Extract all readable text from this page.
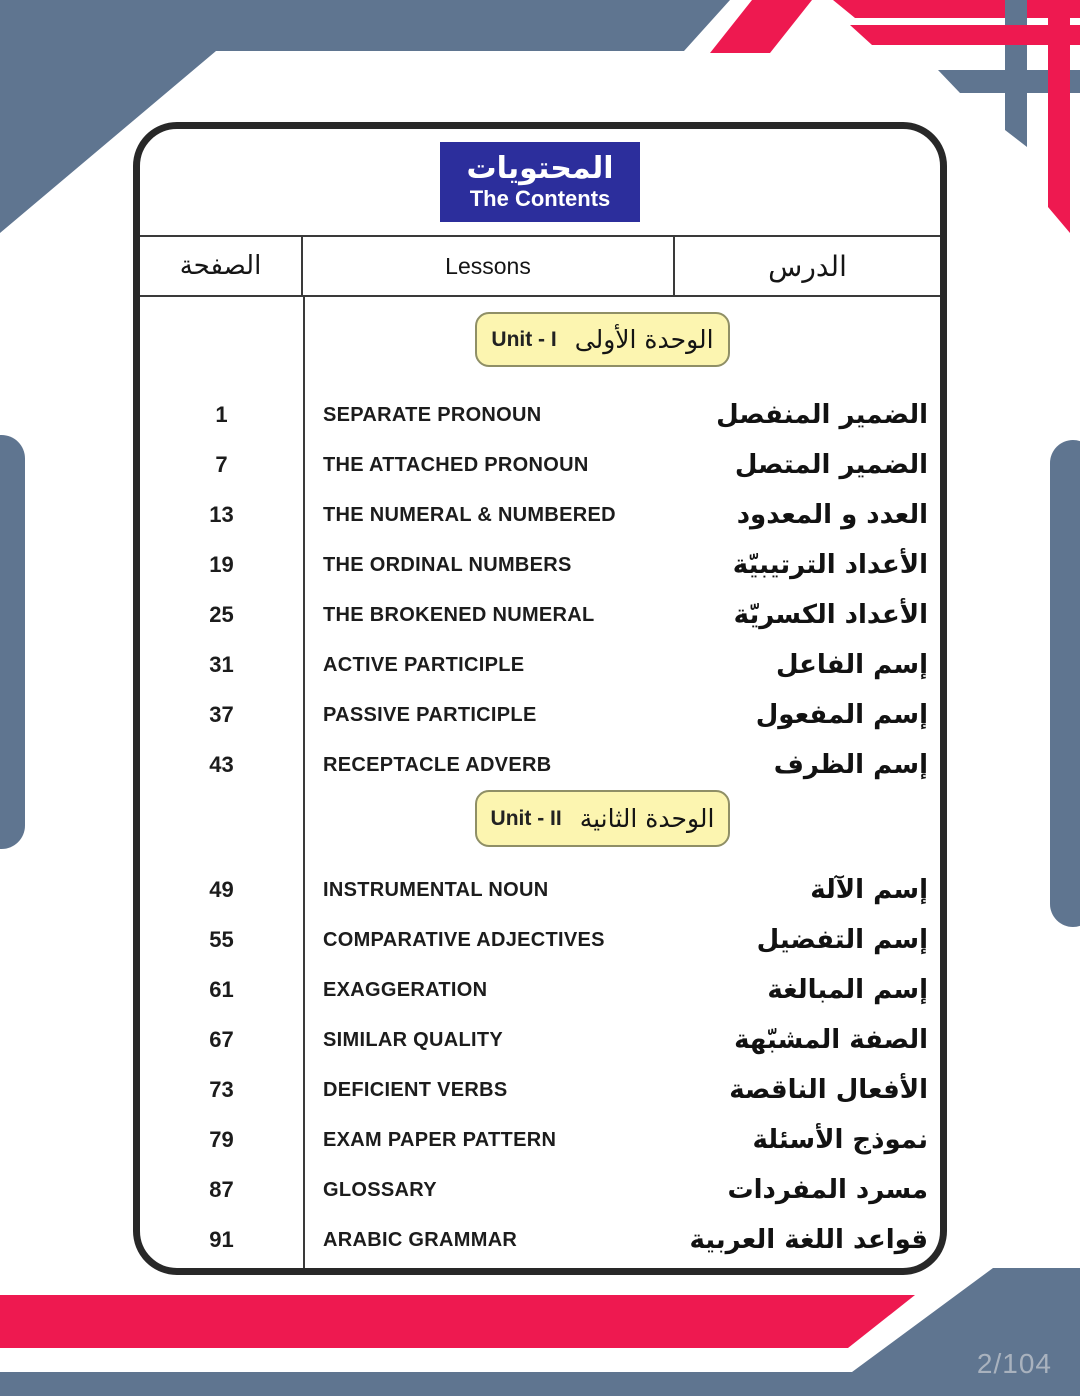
2/104
المحتويات
The Contents
الصفحة	Lessons	الدرس
Unit - I الوحدة الأولى
1	SEPARATE PRONOUN	الضمير المنفصل
7	THE ATTACHED PRONOUN	الضمير المتصل
13	THE NUMERAL & NUMBERED	العدد و المعدود
19	THE ORDINAL NUMBERS	الأعداد الترتيبيّة
25	THE BROKENED NUMERAL	الأعداد الكسريّة
31	ACTIVE PARTICIPLE	إسم الفاعل
37	PASSIVE PARTICIPLE	إسم المفعول
43	RECEPTACLE ADVERB	إسم الظرف
Unit - II الوحدة الثانية
49	INSTRUMENTAL NOUN	إسم الآلة
55	COMPARATIVE ADJECTIVES	إسم التفضيل
61	EXAGGERATION	إسم المبالغة
67	SIMILAR QUALITY	الصفة المشبّهة
73	DEFICIENT VERBS	الأفعال الناقصة
79	EXAM PAPER PATTERN	نموذج الأسئلة
87	GLOSSARY	مسرد المفردات
91	ARABIC GRAMMAR	قواعد اللغة العربية
